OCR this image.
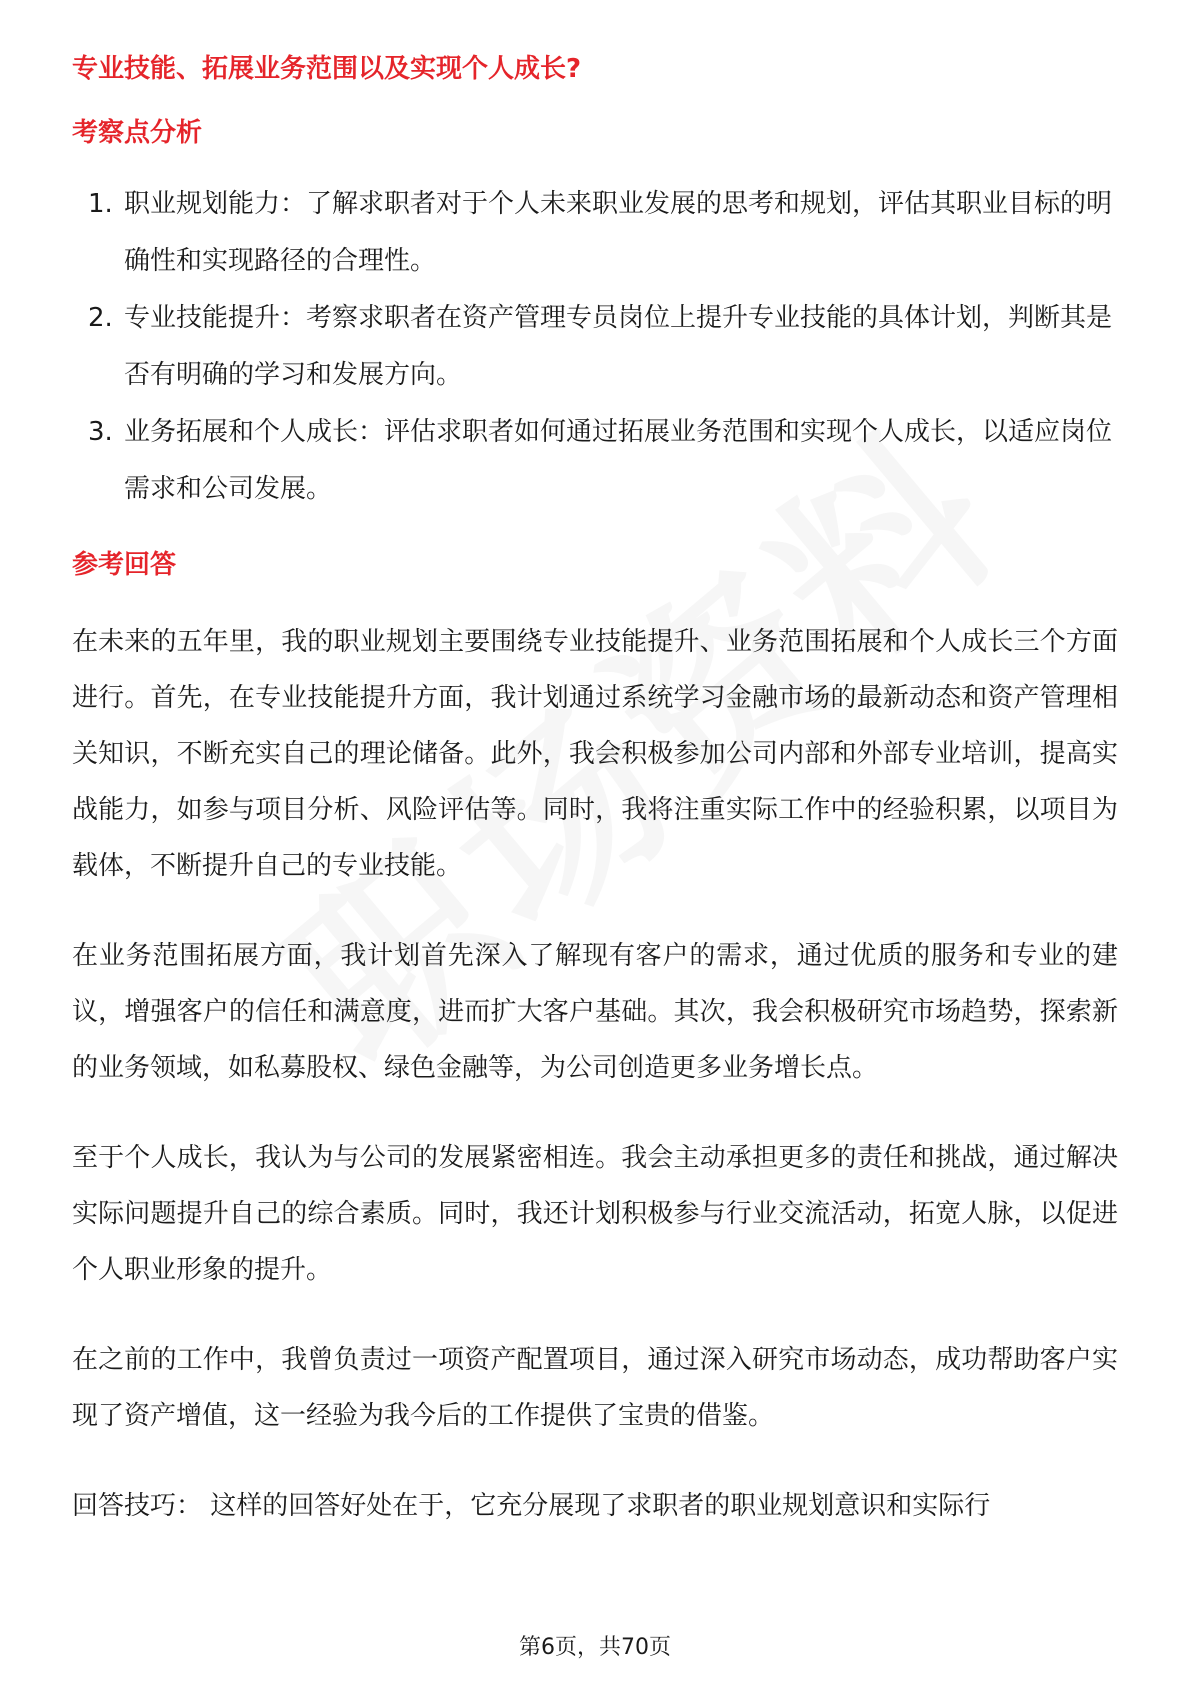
专业技能、拓展业务范围以及实现个人成长?
考察点分析
1. 职业规划能力：了解求职者对于个人未来职业发展的思考和规划，评估其职业目标的明确性和实现路径的合理性。
2. 专业技能提升：考察求职者在资产管理专员岗位上提升专业技能的具体计划，判断其是否有明确的学习和发展方向。
3. 业务拓展和个人成长：评估求职者如何通过拓展业务范围和实现个人成长，以适应岗位需求和公司发展。
参考回答

在未来的五年里，我的职业规划主要围绕专业技能提升、业务范围拓展和个人成长三个方面进行。首先，在专业技能提升方面，我计划通过系统学习金融市场的最新动态和资产管理相关知识，不断充实自己的理论储备。此外，我会积极参加公司内部和外部专业培训，提高实战能力，如参与项目分析、风险评估等。同时，我将注重实际工作中的经验积累，以项目为载体，不断提升自己的专业技能。

在业务范围拓展方面，我计划首先深入了解现有客户的需求，通过优质的服务和专业的建议，增强客户的信任和满意度，进而扩大客户基础。其次，我会积极研究市场趋势，探索新的业务领域，如私募股权、绿色金融等，为公司创造更多业务增长点。

至于个人成长，我认为与公司的发展紧密相连。我会主动承担更多的责任和挑战，通过解决实际问题提升自己的综合素质。同时，我还计划积极参与行业交流活动，拓宽人脉，以促进个人职业形象的提升。

在之前的工作中，我曾负责过一项资产配置项目，通过深入研究市场动态，成功帮助客户实现了资产增值，这一经验为我今后的工作提供了宝贵的借鉴。

回答技巧： 这样的回答好处在于，它充分展现了求职者的职业规划意识和实际行

第6页，共70页
